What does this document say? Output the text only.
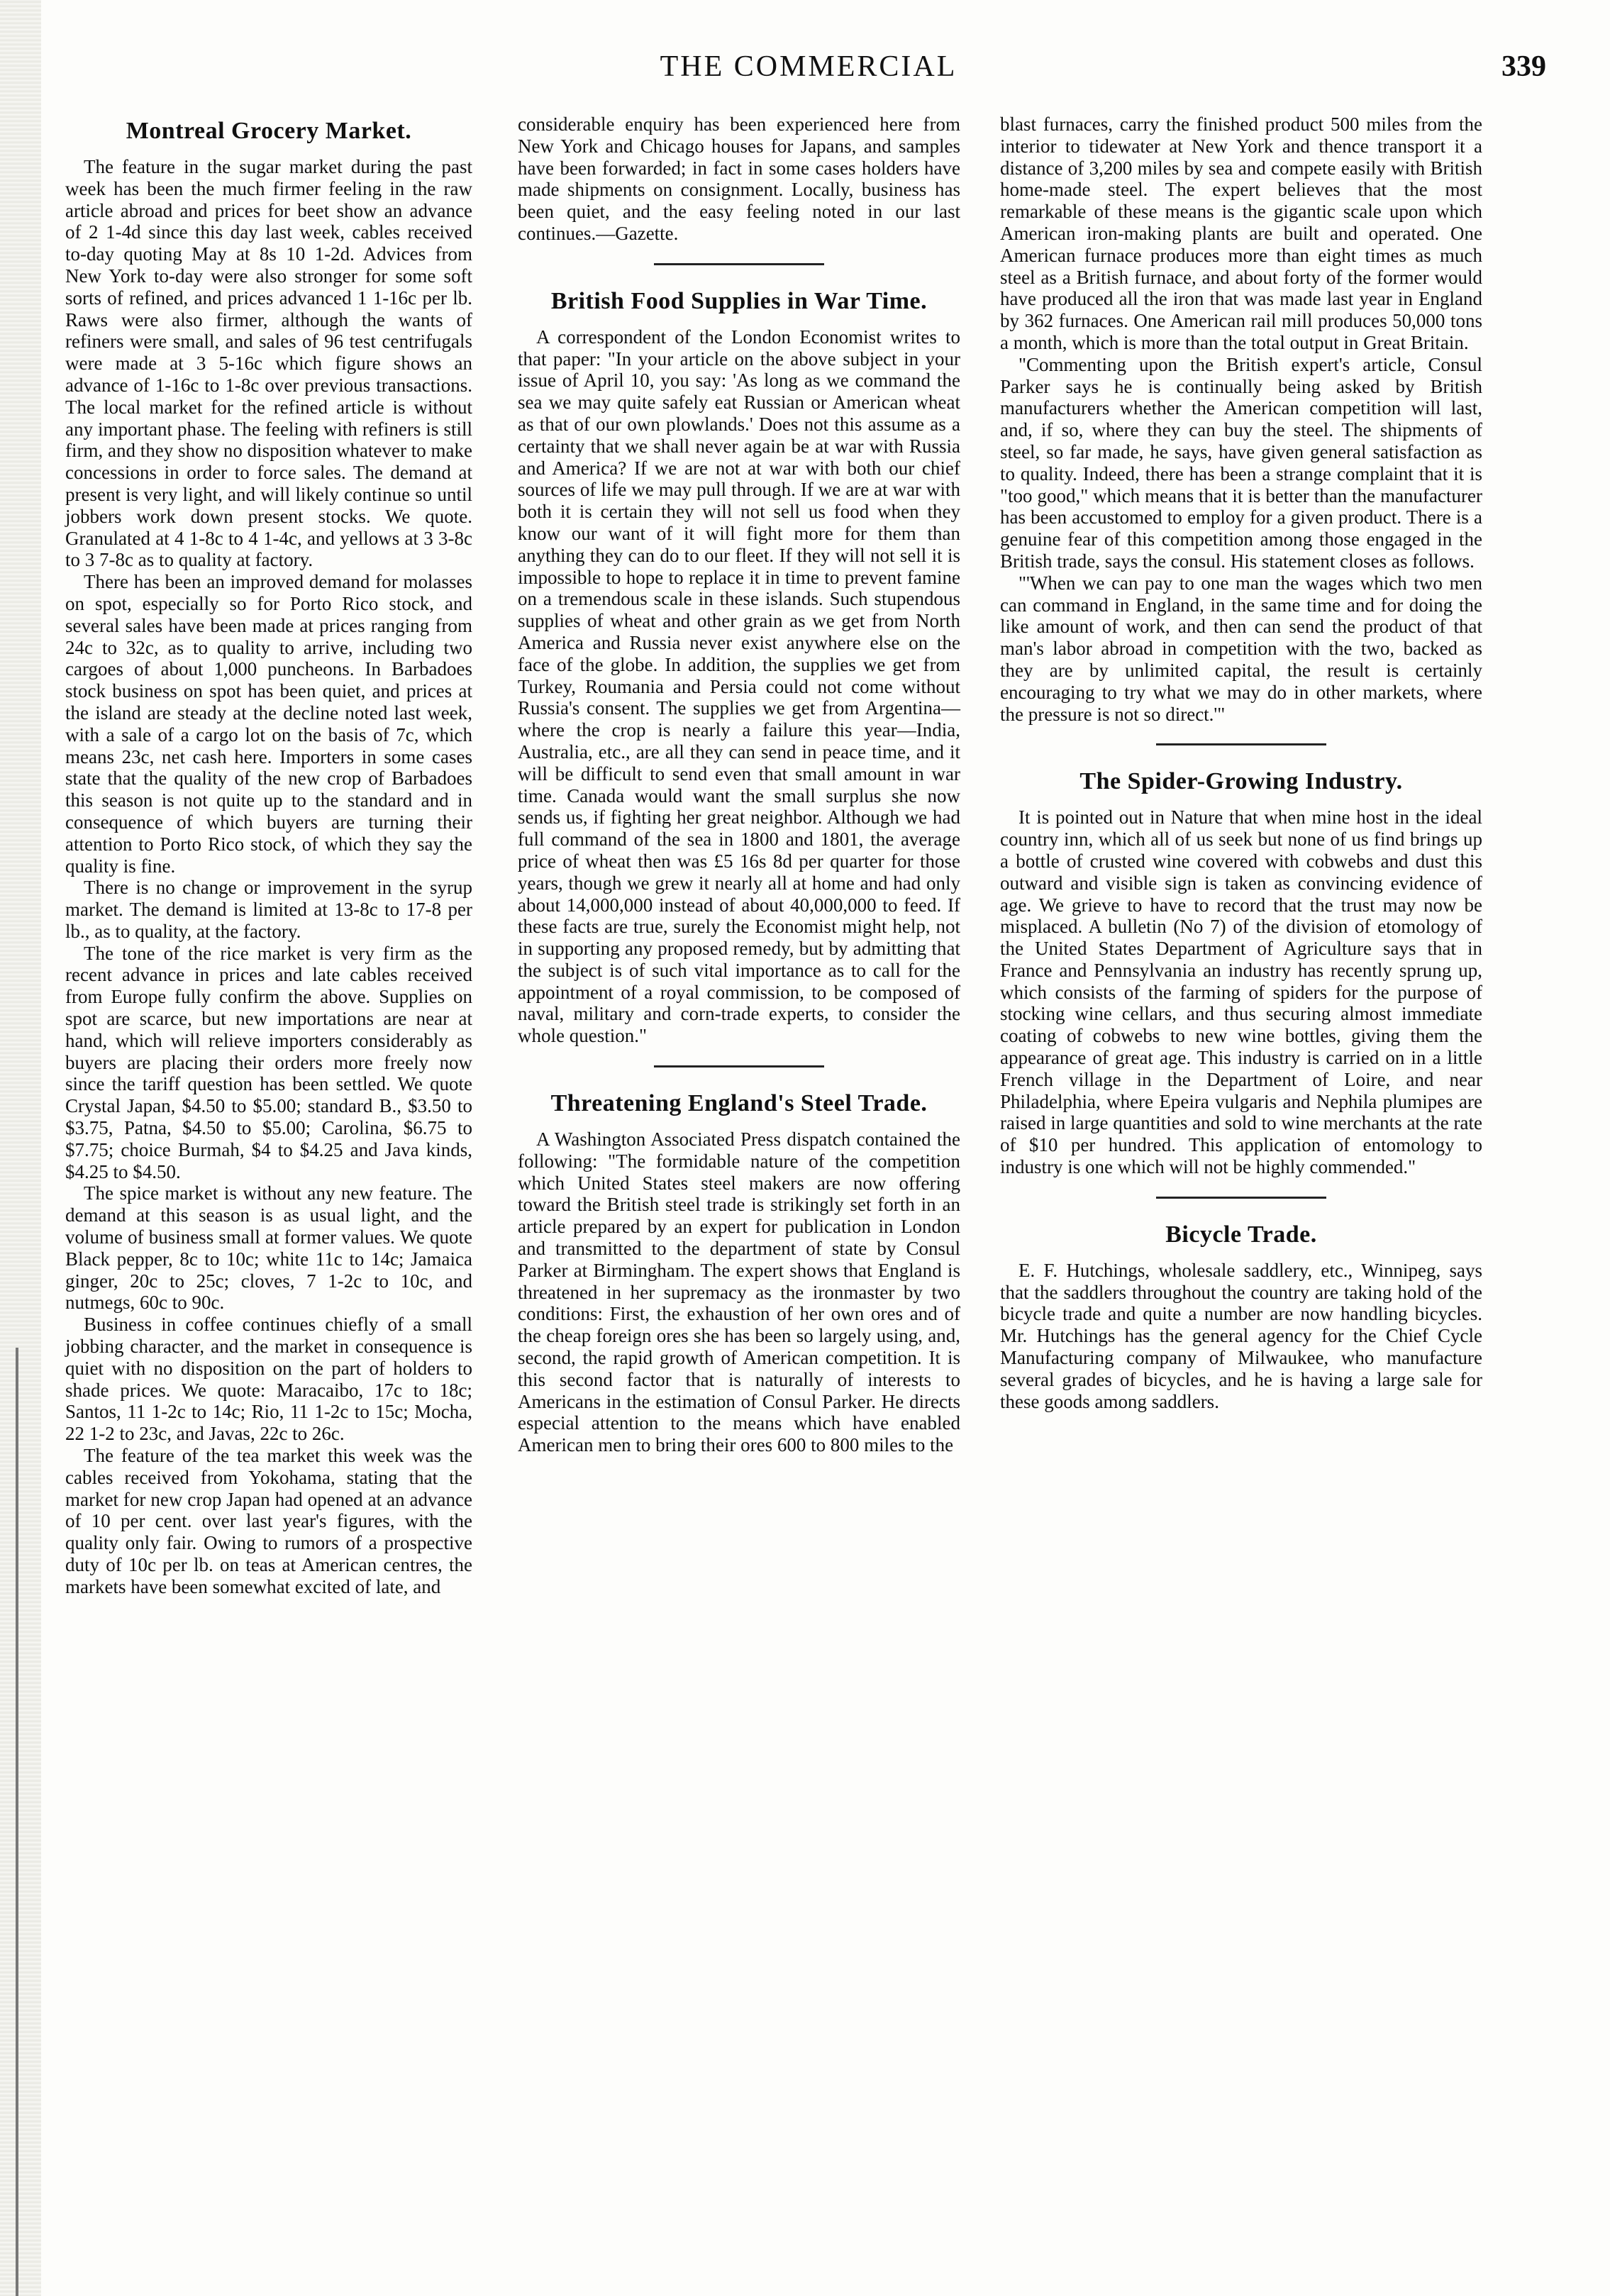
THE COMMERCIAL	339
Montreal Grocery Market.

The feature in the sugar market during the past week has been the much firmer feeling in the raw article abroad and prices for beet show an advance of 2 1-4d since this day last week, cables received to-day quoting May at 8s 10 1-2d. Advices from New York to-day were also stronger for some soft sorts of refined, and prices advanced 1 1-16c per lb. Raws were also firmer, although the wants of refiners were small, and sales of 96 test centrifugals were made at 3 5-16c which figure shows an advance of 1-16c to 1-8c over previous transactions. The local market for the refined article is without any important phase. The feeling with refiners is still firm, and they show no disposition whatever to make concessions in order to force sales. The demand at present is very light, and will likely continue so until jobbers work down present stocks. We quote. Granulated at 4 1-8c to 4 1-4c, and yellows at 3 3-8c to 3 7-8c as to quality at factory.

There has been an improved demand for molasses on spot, especially so for Porto Rico stock, and several sales have been made at prices ranging from 24c to 32c, as to quality to arrive, including two cargoes of about 1,000 puncheons. In Barbadoes stock business on spot has been quiet, and prices at the island are steady at the decline noted last week, with a sale of a cargo lot on the basis of 7c, which means 23c, net cash here. Importers in some cases state that the quality of the new crop of Barbadoes this season is not quite up to the standard and in consequence of which buyers are turning their attention to Porto Rico stock, of which they say the quality is fine.

There is no change or improvement in the syrup market. The demand is limited at 13-8c to 17-8 per lb., as to quality, at the factory.

The tone of the rice market is very firm as the recent advance in prices and late cables received from Europe fully confirm the above. Supplies on spot are scarce, but new importations are near at hand, which will relieve importers considerably as buyers are placing their orders more freely now since the tariff question has been settled. We quote Crystal Japan, $4.50 to $5.00; standard B., $3.50 to $3.75, Patna, $4.50 to $5.00; Carolina, $6.75 to $7.75; choice Burmah, $4 to $4.25 and Java kinds, $4.25 to $4.50.

The spice market is without any new feature. The demand at this season is as usual light, and the volume of business small at former values. We quote Black pepper, 8c to 10c; white 11c to 14c; Jamaica ginger, 20c to 25c; cloves, 7 1-2c to 10c, and nutmegs, 60c to 90c.

Business in coffee continues chiefly of a small jobbing character, and the market in consequence is quiet with no disposition on the part of holders to shade prices. We quote: Maracaibo, 17c to 18c; Santos, 11 1-2c to 14c; Rio, 11 1-2c to 15c; Mocha, 22 1-2 to 23c, and Javas, 22c to 26c.

The feature of the tea market this week was the cables received from Yokohama, stating that the market for new crop Japan had opened at an advance of 10 per cent. over last year's figures, with the quality only fair. Owing to rumors of a prospective duty of 10c per lb. on teas at American centres, the markets have been somewhat excited of late, and

considerable enquiry has been experienced here from New York and Chicago houses for Japans, and samples have been forwarded; in fact in some cases holders have made shipments on consignment. Locally, business has been quiet, and the easy feeling noted in our last continues.—Gazette.

British Food Supplies in War Time.

A correspondent of the London Economist writes to that paper: "In your article on the above subject in your issue of April 10, you say: 'As long as we command the sea we may quite safely eat Russian or American wheat as that of our own plowlands.' Does not this assume as a certainty that we shall never again be at war with Russia and America? If we are not at war with both our chief sources of life we may pull through. If we are at war with both it is certain they will not sell us food when they know our want of it will fight more for them than anything they can do to our fleet. If they will not sell it is impossible to hope to replace it in time to prevent famine on a tremendous scale in these islands. Such stupendous supplies of wheat and other grain as we get from North America and Russia never exist anywhere else on the face of the globe. In addition, the supplies we get from Turkey, Roumania and Persia could not come without Russia's consent. The supplies we get from Argentina—where the crop is nearly a failure this year—India, Australia, etc., are all they can send in peace time, and it will be difficult to send even that small amount in war time. Canada would want the small surplus she now sends us, if fighting her great neighbor. Although we had full command of the sea in 1800 and 1801, the average price of wheat then was £5 16s 8d per quarter for those years, though we grew it nearly all at home and had only about 14,000,000 instead of about 40,000,000 to feed. If these facts are true, surely the Economist might help, not in supporting any proposed remedy, but by admitting that the subject is of such vital importance as to call for the appointment of a royal commission, to be composed of naval, military and corn-trade experts, to consider the whole question."

Threatening England's Steel Trade.

A Washington Associated Press dispatch contained the following: "The formidable nature of the competition which United States steel makers are now offering toward the British steel trade is strikingly set forth in an article prepared by an expert for publication in London and transmitted to the department of state by Consul Parker at Birmingham. The expert shows that England is threatened in her supremacy as the ironmaster by two conditions: First, the exhaustion of her own ores and of the cheap foreign ores she has been so largely using, and, second, the rapid growth of American competition. It is this second factor that is naturally of interests to Americans in the estimation of Consul Parker. He directs especial attention to the means which have enabled American men to bring their ores 600 to 800 miles to the

blast furnaces, carry the finished product 500 miles from the interior to tidewater at New York and thence transport it a distance of 3,200 miles by sea and compete easily with British home-made steel. The expert believes that the most remarkable of these means is the gigantic scale upon which American iron-making plants are built and operated. One American furnace produces more than eight times as much steel as a British furnace, and about forty of the former would have produced all the iron that was made last year in England by 362 furnaces. One American rail mill produces 50,000 tons a month, which is more than the total output in Great Britain.

"Commenting upon the British expert's article, Consul Parker says he is continually being asked by British manufacturers whether the American competition will last, and, if so, where they can buy the steel. The shipments of steel, so far made, he says, have given general satisfaction as to quality. Indeed, there has been a strange complaint that it is "too good," which means that it is better than the manufacturer has been accustomed to employ for a given product. There is a genuine fear of this competition among those engaged in the British trade, says the consul. His statement closes as follows.

"'When we can pay to one man the wages which two men can command in England, in the same time and for doing the like amount of work, and then can send the product of that man's labor abroad in competition with the two, backed as they are by unlimited capital, the result is certainly encouraging to try what we may do in other markets, where the pressure is not so direct.'"

The Spider-Growing Industry.

It is pointed out in Nature that when mine host in the ideal country inn, which all of us seek but none of us find brings up a bottle of crusted wine covered with cobwebs and dust this outward and visible sign is taken as convincing evidence of age. We grieve to have to record that the trust may now be misplaced. A bulletin (No 7) of the division of etomology of the United States Department of Agriculture says that in France and Pennsylvania an industry has recently sprung up, which consists of the farming of spiders for the purpose of stocking wine cellars, and thus securing almost immediate coating of cobwebs to new wine bottles, giving them the appearance of great age. This industry is carried on in a little French village in the Department of Loire, and near Philadelphia, where Epeira vulgaris and Nephila plumipes are raised in large quantities and sold to wine merchants at the rate of $10 per hundred. This application of entomology to industry is one which will not be highly commended."

Bicycle Trade.

E. F. Hutchings, wholesale saddlery, etc., Winnipeg, says that the saddlers throughout the country are taking hold of the bicycle trade and quite a number are now handling bicycles. Mr. Hutchings has the general agency for the Chief Cycle Manufacturing company of Milwaukee, who manufacture several grades of bicycles, and he is having a large sale for these goods among saddlers.
